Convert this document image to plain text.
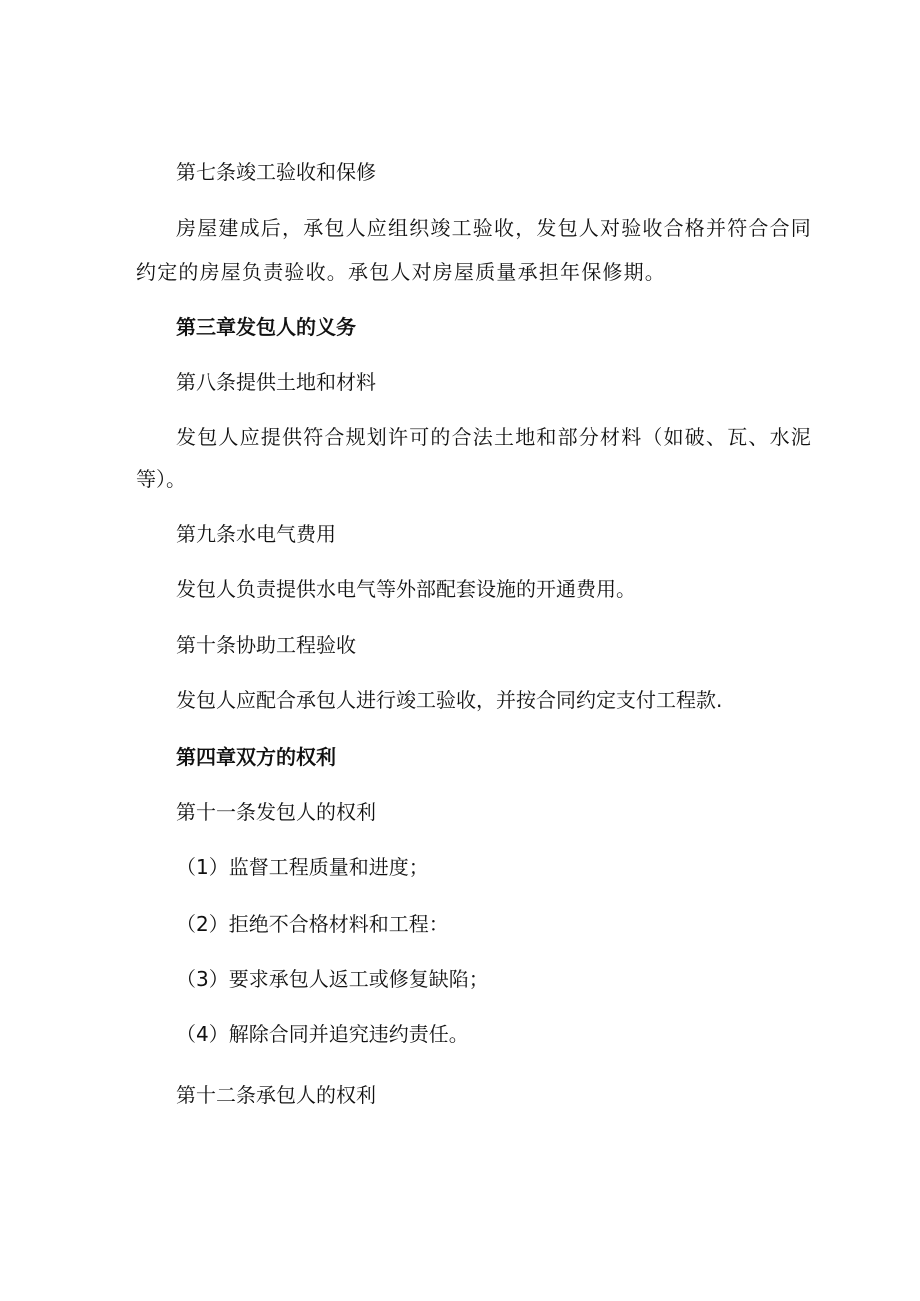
第七条竣工验收和保修
房屋建成后，承包人应组织竣工验收，发包人对验收合格并符合合同
约定的房屋负责验收。承包人对房屋质量承担年保修期。
第三章发包人的义务
第八条提供土地和材料
发包人应提供符合规划许可的合法土地和部分材料（如破、瓦、水泥
等）。
第九条水电气费用
发包人负责提供水电气等外部配套设施的开通费用。
第十条协助工程验收
发包人应配合承包人进行竣工验收，并按合同约定支付工程款.
第四章双方的权利
第十一条发包人的权利
（1）监督工程质量和进度；
（2）拒绝不合格材料和工程：
（3）要求承包人返工或修复缺陷；
（4）解除合同并追究违约责任。
第十二条承包人的权利
